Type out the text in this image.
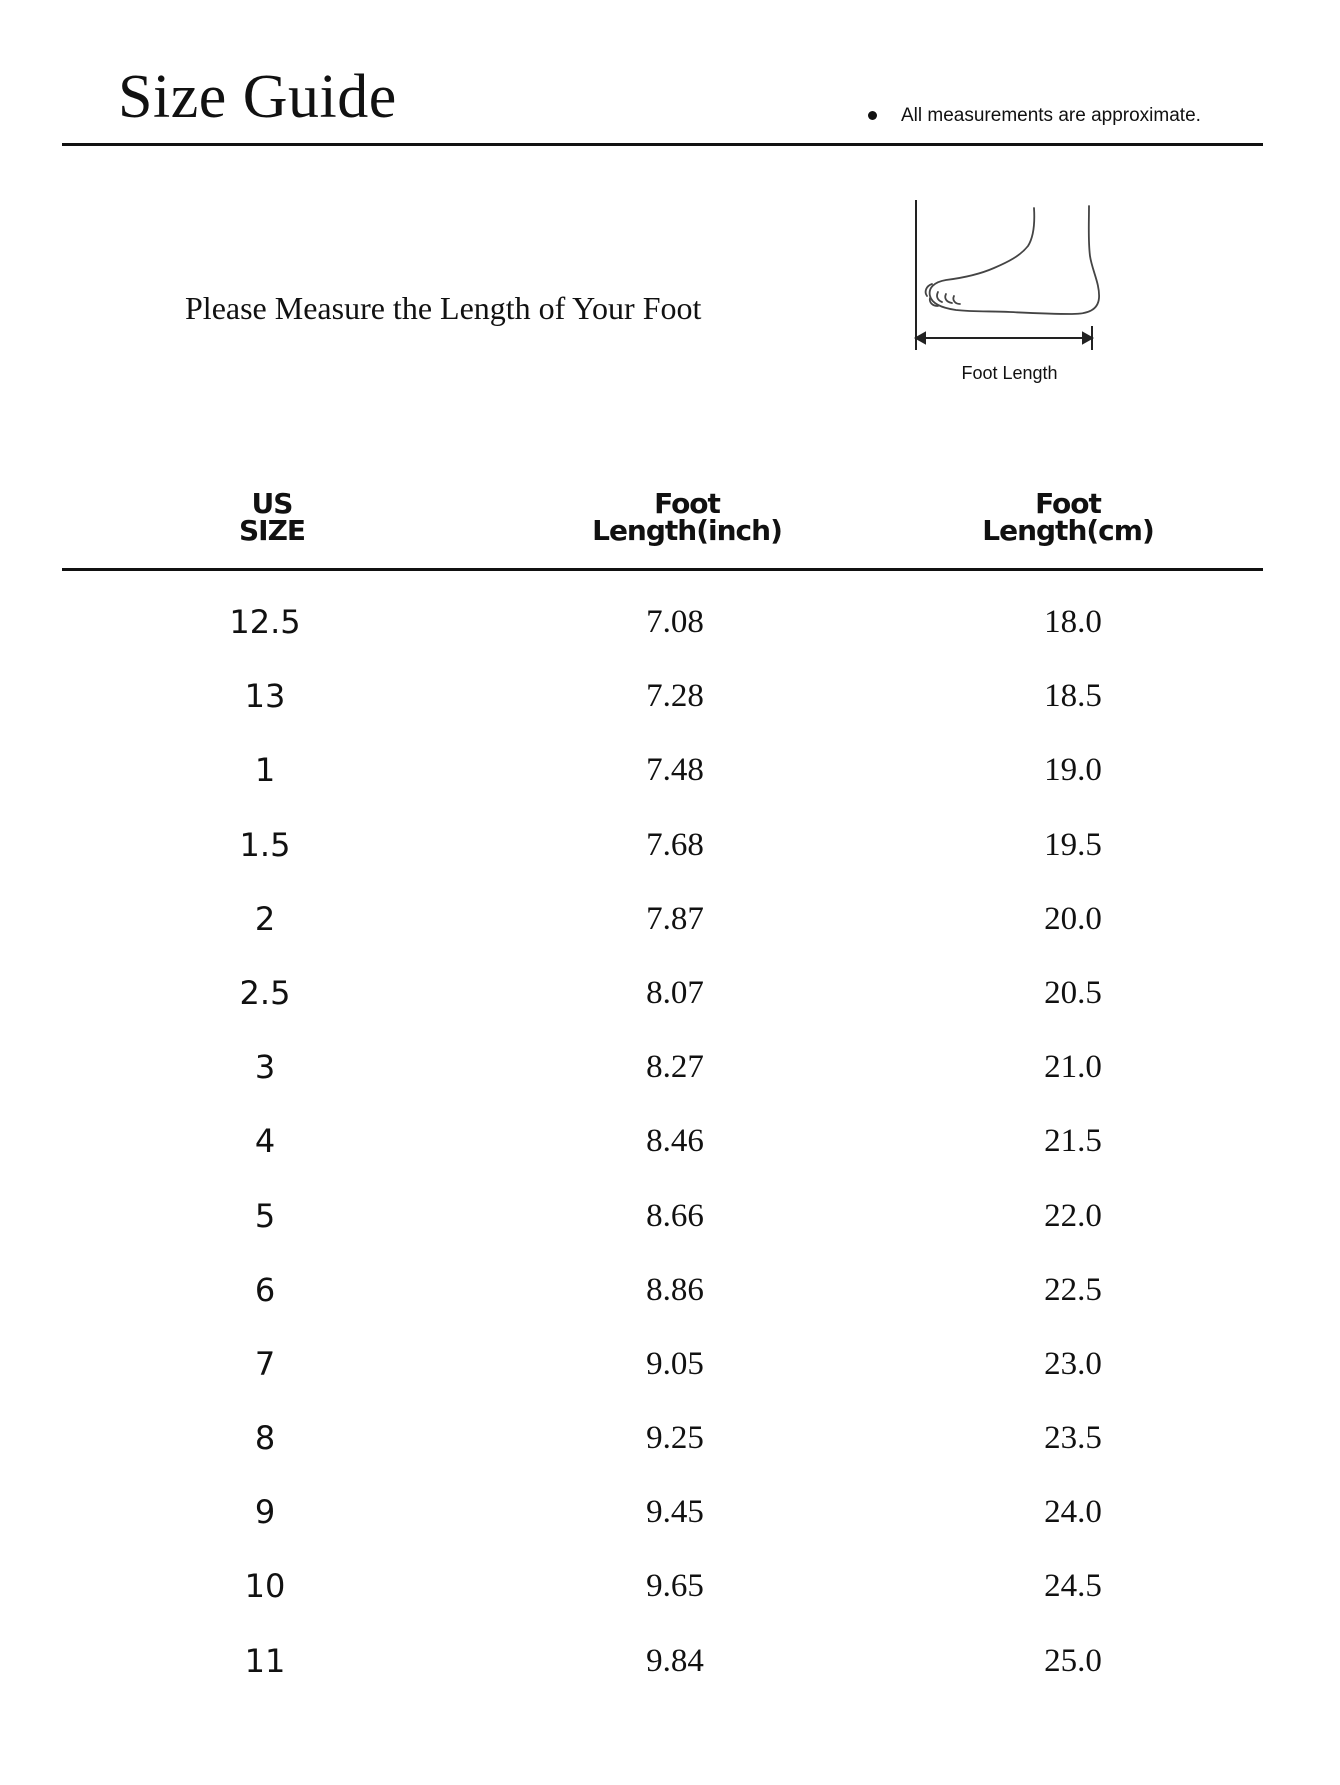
Size Guide	All measurements are approximate.
Please Measure the Length of Your Foot
Foot Length
US
SIZE
Foot
Length(inch)
Foot
Length(cm)
12.5	7.08	18.0
13	7.28	18.5
1	7.48	19.0
1.5	7.68	19.5
2	7.87	20.0
2.5	8.07	20.5
3	8.27	21.0
4	8.46	21.5
5	8.66	22.0
6	8.86	22.5
7	9.05	23.0
8	9.25	23.5
9	9.45	24.0
10	9.65	24.5
11	9.84	25.0
